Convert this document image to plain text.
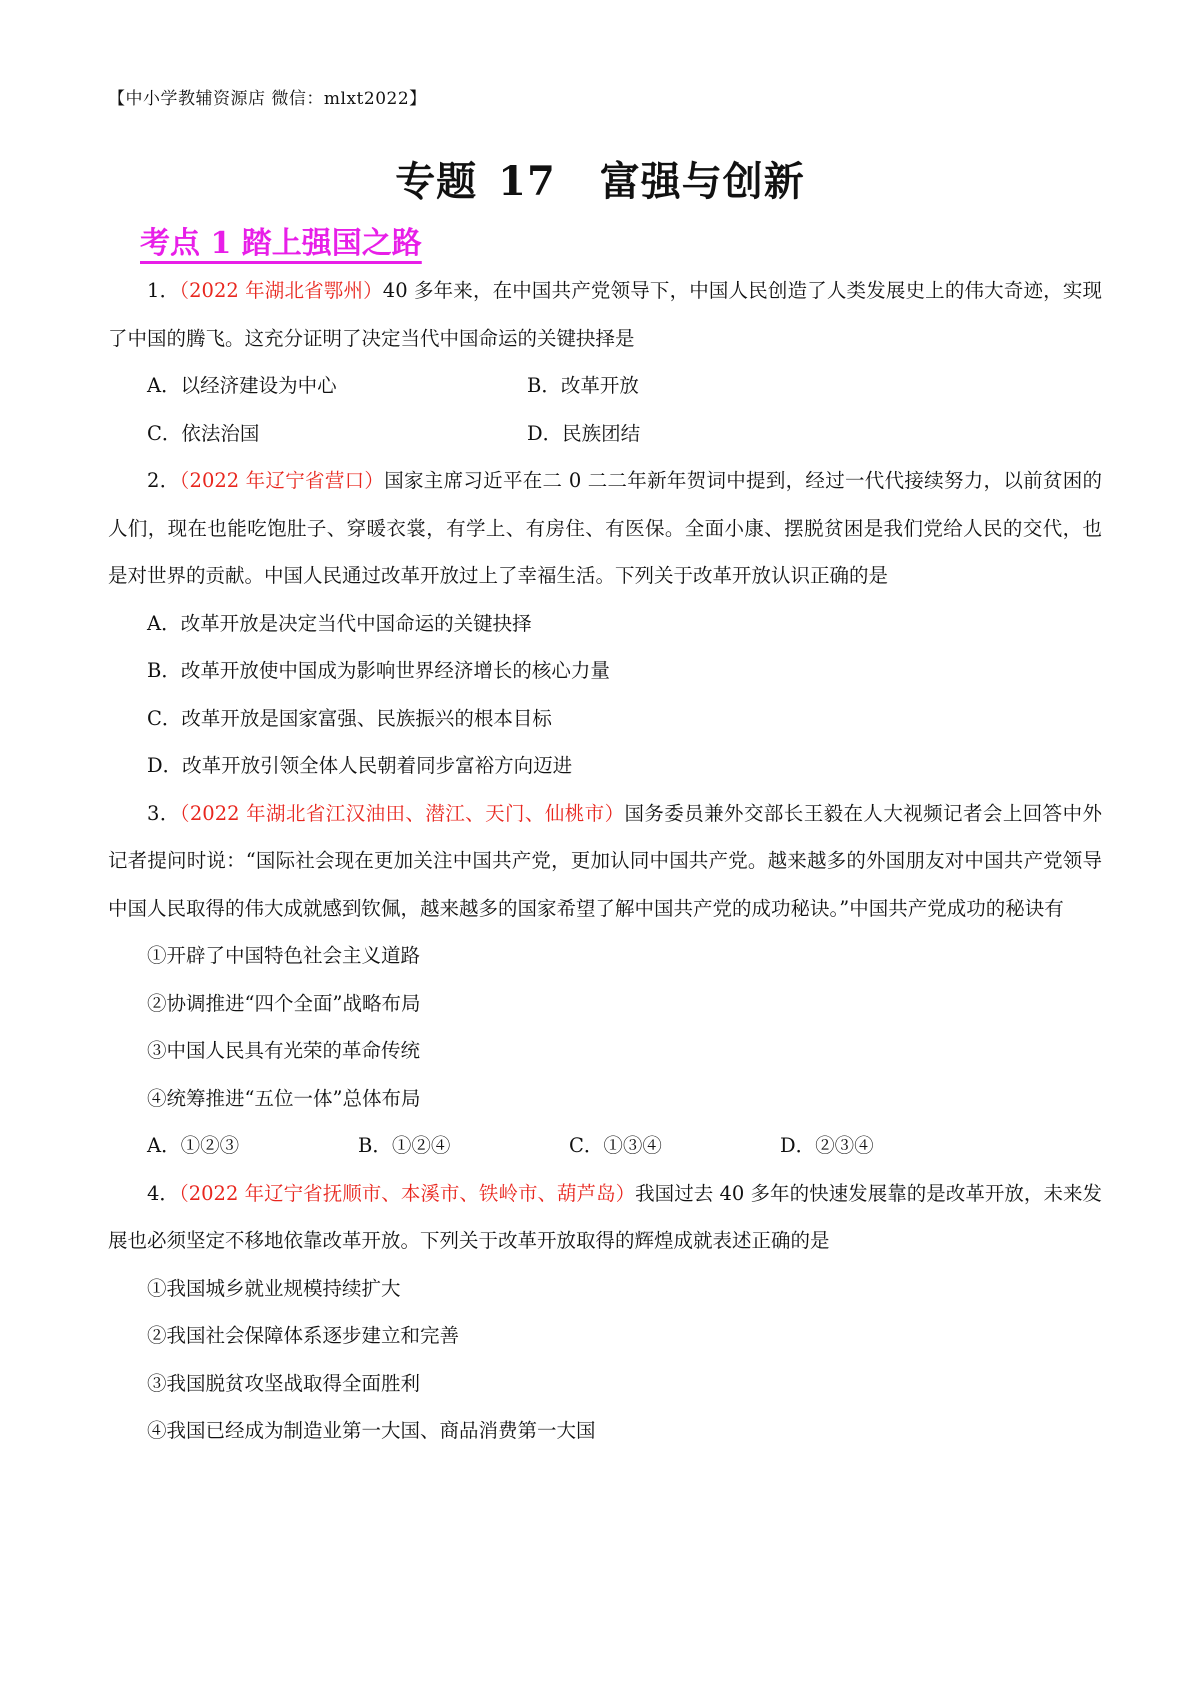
【中小学教辅资源店 微信：mlxt2022】
专题 17 富强与创新
考点 1 踏上强国之路

1．（2022 年湖北省鄂州）40 多年来，在中国共产党领导下，中国人民创造了人类发展史上的伟大奇迹，实现了中国的腾飞。这充分证明了决定当代中国命运的关键抉择是

A．以经济建设为中心	B．改革开放
C．依法治国	D．民族团结

2．（2022 年辽宁省营口）国家主席习近平在二 0 二二年新年贺词中提到，经过一代代接续努力，以前贫困的人们，现在也能吃饱肚子、穿暖衣裳，有学上、有房住、有医保。全面小康、摆脱贫困是我们党给人民的交代，也是对世界的贡献。中国人民通过改革开放过上了幸福生活。下列关于改革开放认识正确的是

A．改革开放是决定当代中国命运的关键抉择

B．改革开放使中国成为影响世界经济增长的核心力量

C．改革开放是国家富强、民族振兴的根本目标

D．改革开放引领全体人民朝着同步富裕方向迈进

3．（2022 年湖北省江汉油田、潜江、天门、仙桃市）国务委员兼外交部长王毅在人大视频记者会上回答中外记者提问时说：“国际社会现在更加关注中国共产党，更加认同中国共产党。越来越多的外国朋友对中国共产党领导中国人民取得的伟大成就感到钦佩，越来越多的国家希望了解中国共产党的成功秘诀。”中国共产党成功的秘诀有

①开辟了中国特色社会主义道路

②协调推进“四个全面”战略布局

③中国人民具有光荣的革命传统

④统筹推进“五位一体”总体布局

A．①②③	B．①②④	C．①③④	D．②③④

4．（2022 年辽宁省抚顺市、本溪市、铁岭市、葫芦岛）我国过去 40 多年的快速发展靠的是改革开放，未来发展也必须坚定不移地依靠改革开放。下列关于改革开放取得的辉煌成就表述正确的是

①我国城乡就业规模持续扩大

②我国社会保障体系逐步建立和完善

③我国脱贫攻坚战取得全面胜利

④我国已经成为制造业第一大国、商品消费第一大国
